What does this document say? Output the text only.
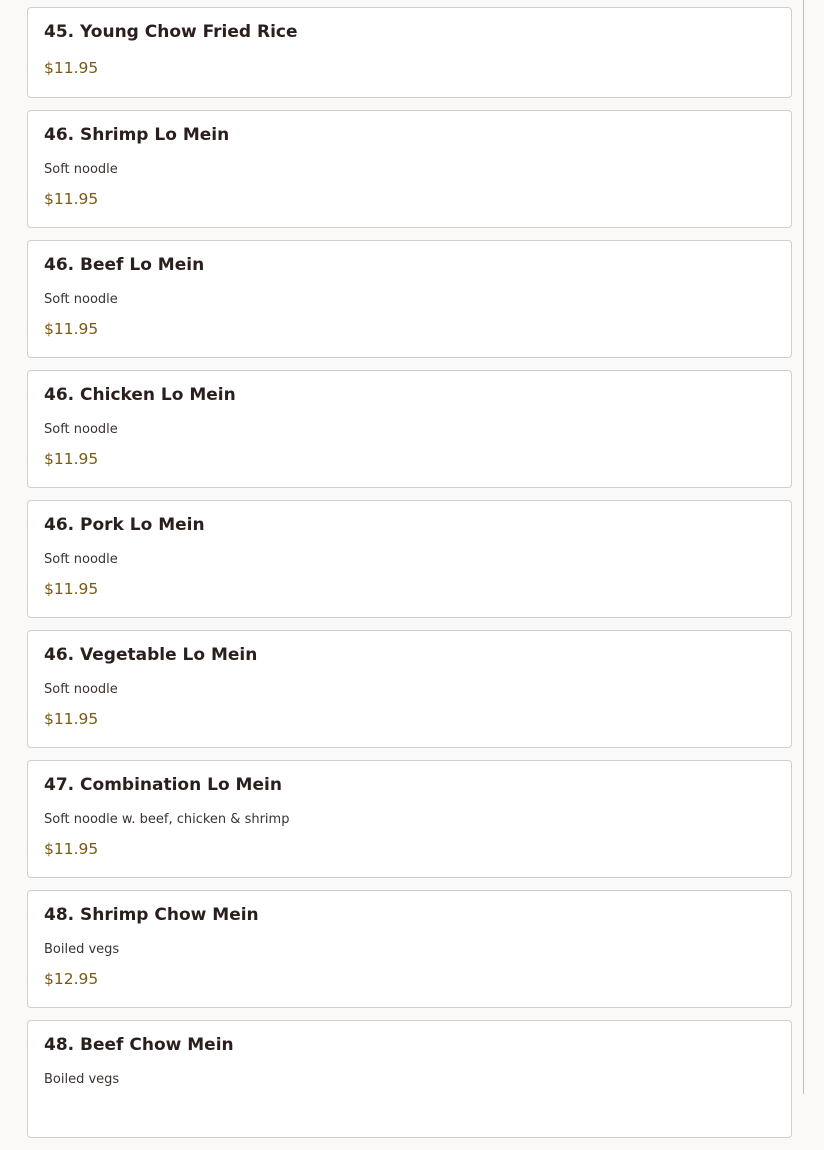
45. Young Chow Fried Rice
$11.95
46. Shrimp Lo Mein
Soft noodle
$11.95
46. Beef Lo Mein
Soft noodle
$11.95
46. Chicken Lo Mein
Soft noodle
$11.95
46. Pork Lo Mein
Soft noodle
$11.95
46. Vegetable Lo Mein
Soft noodle
$11.95
47. Combination Lo Mein
Soft noodle w. beef, chicken & shrimp
$11.95
48. Shrimp Chow Mein
Boiled vegs
$12.95
48. Beef Chow Mein
Boiled vegs
